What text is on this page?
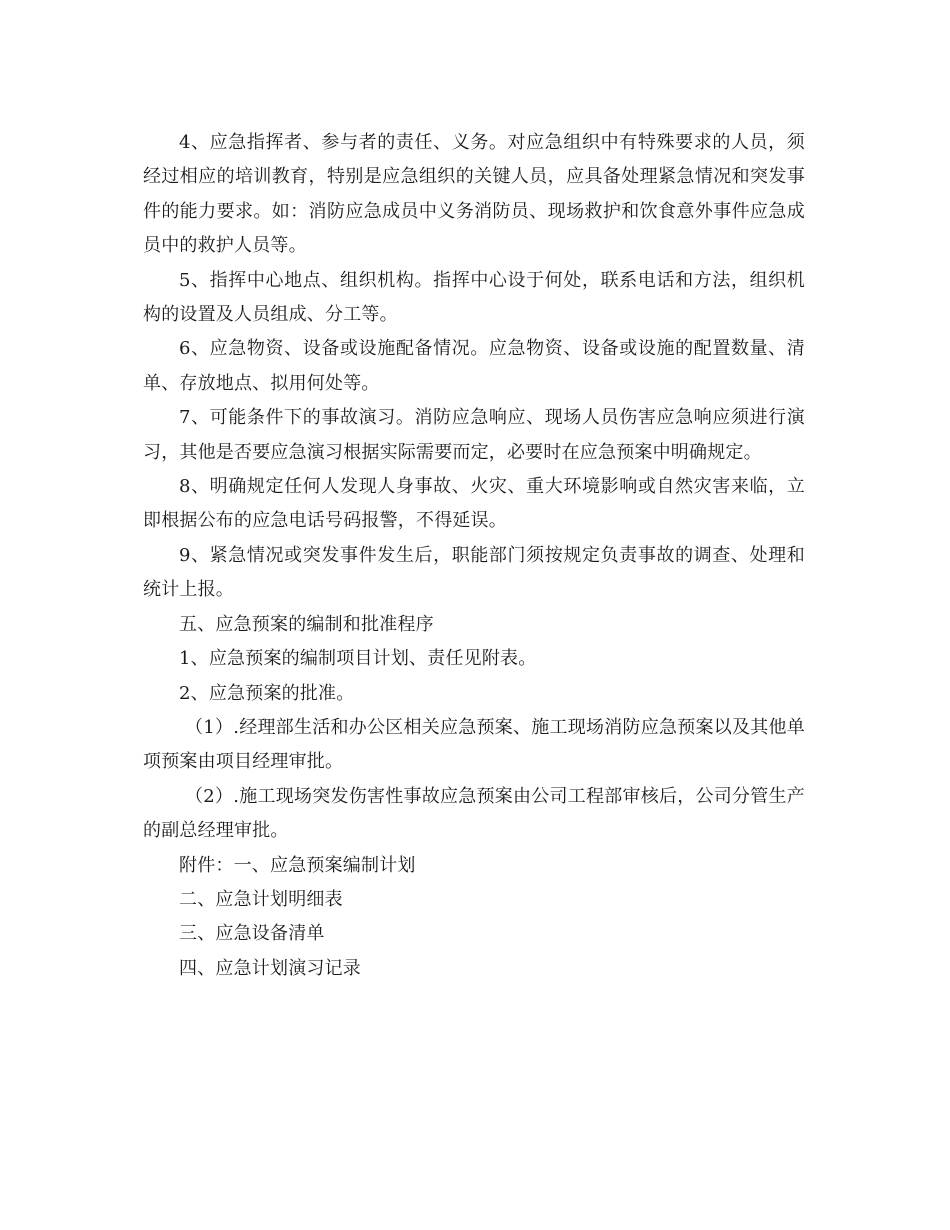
4、应急指挥者、参与者的责任、义务。对应急组织中有特殊要求的人员，须经过相应的培训教育，特别是应急组织的关键人员，应具备处理紧急情况和突发事件的能力要求。如：消防应急成员中义务消防员、现场救护和饮食意外事件应急成员中的救护人员等。

5、指挥中心地点、组织机构。指挥中心设于何处，联系电话和方法，组织机构的设置及人员组成、分工等。

6、应急物资、设备或设施配备情况。应急物资、设备或设施的配置数量、清单、存放地点、拟用何处等。

7、可能条件下的事故演习。消防应急响应、现场人员伤害应急响应须进行演习，其他是否要应急演习根据实际需要而定，必要时在应急预案中明确规定。

8、明确规定任何人发现人身事故、火灾、重大环境影响或自然灾害来临，立即根据公布的应急电话号码报警，不得延误。

9、紧急情况或突发事件发生后，职能部门须按规定负责事故的调查、处理和统计上报。

五、应急预案的编制和批准程序

1、应急预案的编制项目计划、责任见附表。

2、应急预案的批准。

（1）.经理部生活和办公区相关应急预案、施工现场消防应急预案以及其他单项预案由项目经理审批。

（2）.施工现场突发伤害性事故应急预案由公司工程部审核后，公司分管生产的副总经理审批。

附件：一、应急预案编制计划

二、应急计划明细表

三、应急设备清单

四、应急计划演习记录
